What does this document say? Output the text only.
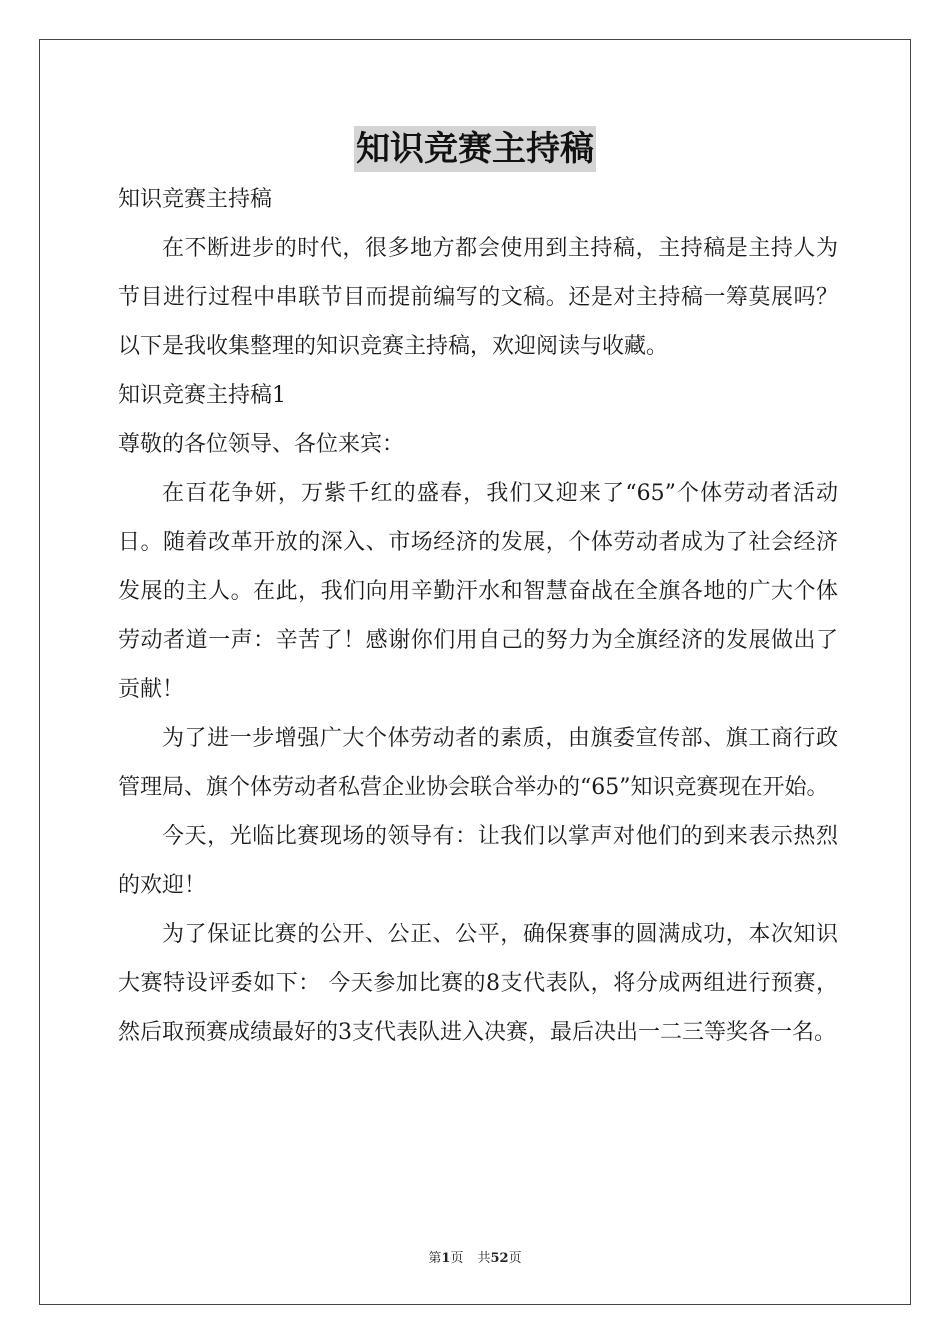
知识竞赛主持稿

知识竞赛主持稿

在不断进步的时代，很多地方都会使用到主持稿，主持稿是主持人为节目进行过程中串联节目而提前编写的文稿。还是对主持稿一筹莫展吗？以下是我收集整理的知识竞赛主持稿，欢迎阅读与收藏。

知识竞赛主持稿1

尊敬的各位领导、各位来宾：

在百花争妍，万紫千红的盛春，我们又迎来了“65”个体劳动者活动日。随着改革开放的深入、市场经济的发展，个体劳动者成为了社会经济发展的主人。在此，我们向用辛勤汗水和智慧奋战在全旗各地的广大个体劳动者道一声：辛苦了！感谢你们用自己的努力为全旗经济的发展做出了贡献！

为了进一步增强广大个体劳动者的素质，由旗委宣传部、旗工商行政管理局、旗个体劳动者私营企业协会联合举办的“65”知识竞赛现在开始。

今天，光临比赛现场的领导有：让我们以掌声对他们的到来表示热烈的欢迎！

为了保证比赛的公开、公正、公平，确保赛事的圆满成功，本次知识大赛特设评委如下： 今天参加比赛的8支代表队，将分成两组进行预赛，然后取预赛成绩最好的3支代表队进入决赛，最后决出一二三等奖各一名。

第1页 共52页
